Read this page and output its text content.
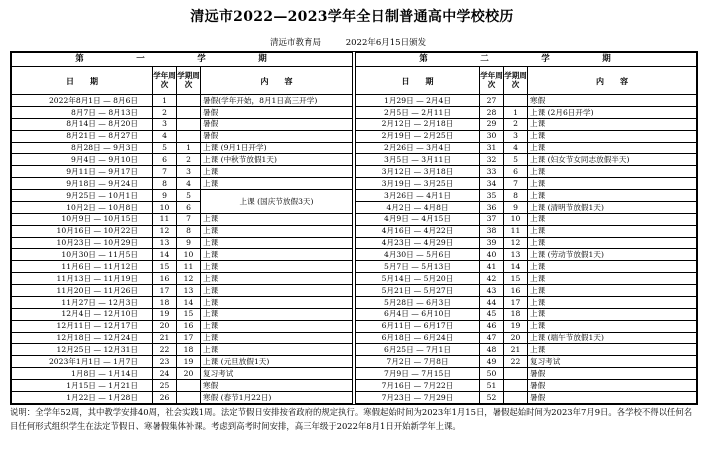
清远市2022—2023学年全日制普通高中学校校历
清远市教育局	2022年6月15日颁发
第　一　学　期			
日　　期	学年周次	学期周次	内　　容
2022年8月1日 — 8月6日	1		暑假(学年开始，8月1日高三开学)
8月7日 — 8月13日	2		暑假
8月14日 — 8月20日	3		暑假
8月21日 — 8月27日	4		暑假
8月28日 — 9月3日	5	1	上课 (9月1日开学)
9月4日 — 9月10日	6	2	上课 (中秋节放假1天)
9月11日 — 9月17日	7	3	上课
9月18日 — 9月24日	8	4	上课
9月25日 — 10月1日	9	5	上课 (国庆节放假3天)
10月2日 — 10月8日	10	6	
10月9日 — 10月15日	11	7	上课
10月16日 — 10月22日	12	8	上课
10月23日 — 10月29日	13	9	上课
10月30日 — 11月5日	14	10	上课
11月6日 — 11月12日	15	11	上课
11月13日 — 11月19日	16	12	上课
11月20日 — 11月26日	17	13	上课
11月27日 — 12月3日	18	14	上课
12月4日 — 12月10日	19	15	上课
12月11日 — 12月17日	20	16	上课
12月18日 — 12月24日	21	17	上课
12月25日 — 12月31日	22	18	上课
2023年1月1日 — 1月7日	23	19	上课 (元旦放假1天)
1月8日 — 1月14日	24	20	复习考试
1月15日 — 1月21日	25		寒假
1月22日 — 1月28日	26		寒假 (春节1月22日)
第　二　学　期			
日　　期	学年周次	学期周次	内　　容
1月29日 — 2月4日	27		寒假
2月5日 — 2月11日	28	1	上课 (2月6日开学)
2月12日 — 2月18日	29	2	上课
2月19日 — 2月25日	30	3	上课
2月26日 — 3月4日	31	4	上课
3月5日 — 3月11日	32	5	上课 (妇女节女同志放假半天)
3月12日 — 3月18日	33	6	上课
3月19日 — 3月25日	34	7	上课
3月26日 — 4月1日	35	8	上课
4月2日 — 4月8日	36	9	上课 (清明节放假1天)
4月9日 — 4月15日	37	10	上课
4月16日 — 4月22日	38	11	上课
4月23日 — 4月29日	39	12	上课
4月30日 — 5月6日	40	13	上课 (劳动节放假1天)
5月7日 — 5月13日	41	14	上课
5月14日 — 5月20日	42	15	上课
5月21日 — 5月27日	43	16	上课
5月28日 — 6月3日	44	17	上课
6月4日 — 6月10日	45	18	上课
6月11日 — 6月17日	46	19	上课
6月18日 — 6月24日	47	20	上课 (端午节放假1天)
6月25日 — 7月1日	48	21	上课
7月2日 — 7月8日	49	22	复习考试
7月9日 — 7月15日	50		暑假
7月16日 — 7月22日	51		暑假
7月23日 — 7月29日	52		暑假
说明：全学年52周，其中教学安排40周，社会实践1周。法定节假日安排按省政府的规定执行。寒假起始时间为2023年1月15日，暑假起始时间为2023年7月9日。各学校不得以任何名目任何形式组织学生在法定节假日、寒暑假集体补课。考虑到高考时间安排，高三年级于2022年8月1日开始新学年上课。
